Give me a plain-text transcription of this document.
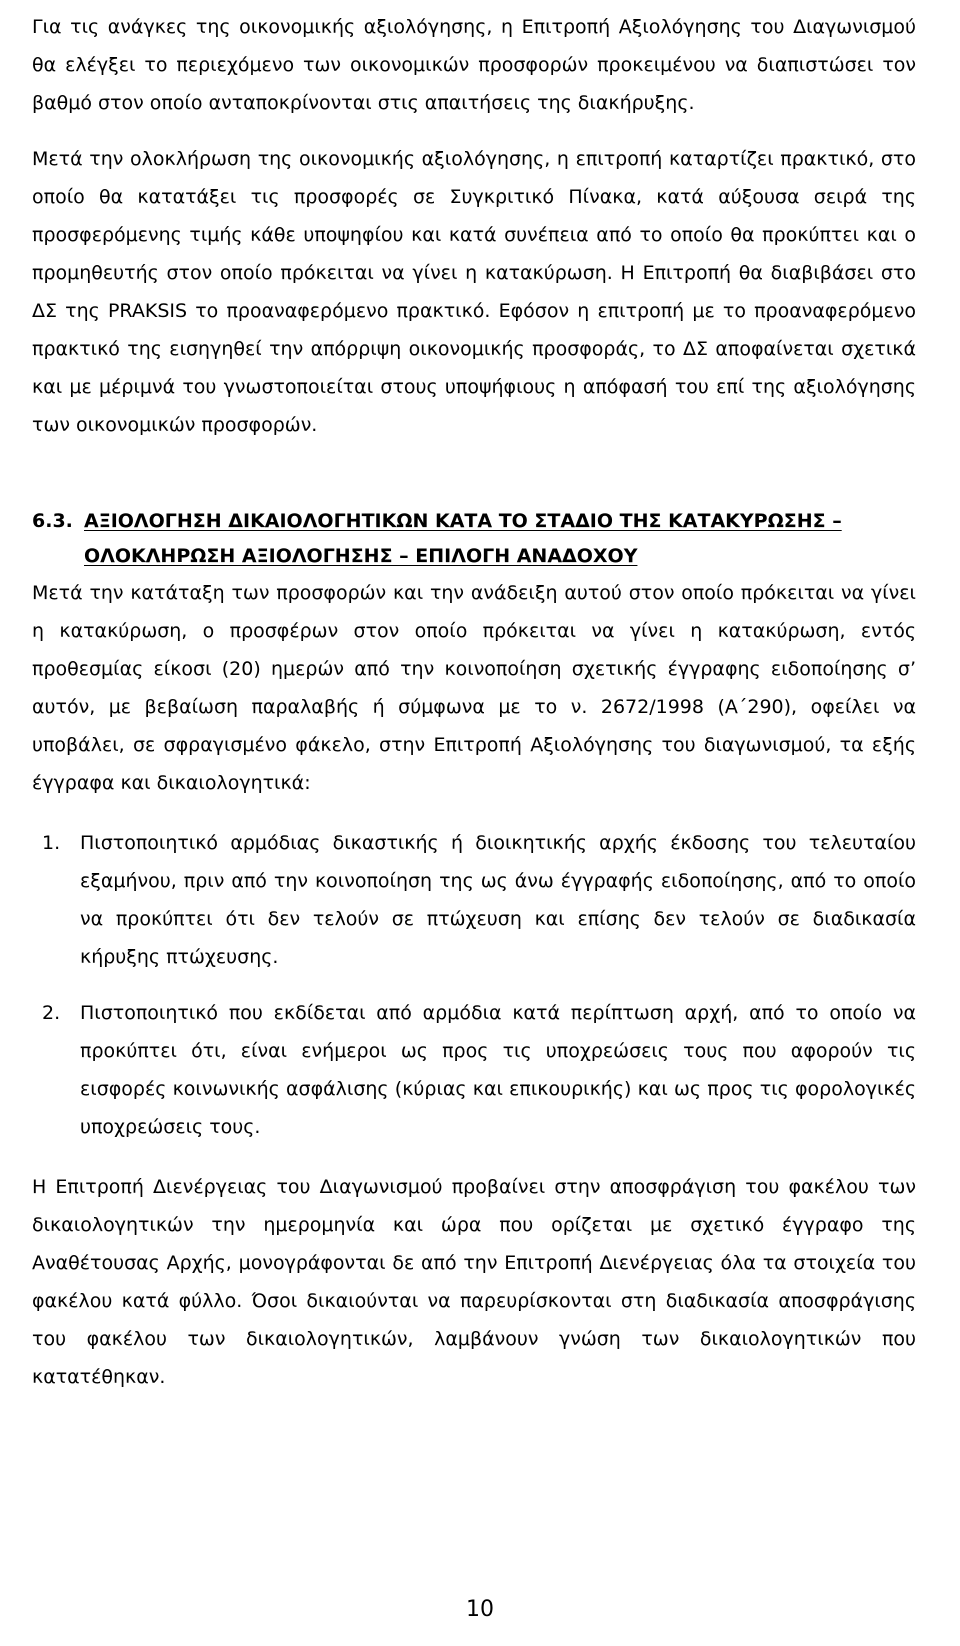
Για τις ανάγκες της οικονομικής αξιολόγησης, η Επιτροπή Αξιολόγησης του Διαγωνισμού θα ελέγξει το περιεχόμενο των οικονομικών προσφορών προκειμένου να διαπιστώσει τον βαθμό στον οποίο ανταποκρίνονται στις απαιτήσεις της διακήρυξης.

Μετά την ολοκλήρωση της οικονομικής αξιολόγησης, η επιτροπή καταρτίζει πρακτικό, στο οποίο θα κατατάξει τις προσφορές σε Συγκριτικό Πίνακα, κατά αύξουσα σειρά της προσφερόμενης τιμής κάθε υποψηφίου και κατά συνέπεια από το οποίο θα προκύπτει και ο προμηθευτής στον οποίο πρόκειται να γίνει η κατακύρωση. Η Επιτροπή θα διαβιβάσει στο ΔΣ της PRAKSIS το προαναφερόμενο πρακτικό. Εφόσον η επιτροπή με το προαναφερόμενο πρακτικό της εισηγηθεί την απόρριψη οικονομικής προσφοράς, το ΔΣ αποφαίνεται σχετικά και με μέριμνά του γνωστοποιείται στους υποψήφιους η απόφασή του επί της αξιολόγησης των οικονομικών προσφορών.

6.3. ΑΞΙΟΛΟΓΗΣΗ ΔΙΚΑΙΟΛΟΓΗΤΙΚΩΝ ΚΑΤΑ ΤΟ ΣΤΑΔΙΟ ΤΗΣ ΚΑΤΑΚΥΡΩΣΗΣ – ΟΛΟΚΛΗΡΩΣΗ ΑΞΙΟΛΟΓΗΣΗΣ – ΕΠΙΛΟΓΗ ΑΝΑΔΟΧΟΥ

Μετά την κατάταξη των προσφορών και την ανάδειξη αυτού στον οποίο πρόκειται να γίνει η κατακύρωση, ο προσφέρων στον οποίο πρόκειται να γίνει η κατακύρωση, εντός προθεσμίας είκοσι (20) ημερών από την κοινοποίηση σχετικής έγγραφης ειδοποίησης σ’ αυτόν, με βεβαίωση παραλαβής ή σύμφωνα με το ν. 2672/1998 (Α΄290), οφείλει να υποβάλει, σε σφραγισμένο φάκελο, στην Επιτροπή Αξιολόγησης του διαγωνισμού, τα εξής έγγραφα και δικαιολογητικά:

1.	Πιστοποιητικό αρμόδιας δικαστικής ή διοικητικής αρχής έκδοσης του τελευταίου εξαμήνου, πριν από την κοινοποίηση της ως άνω έγγραφής ειδοποίησης, από το οποίο να προκύπτει ότι δεν τελούν σε πτώχευση και επίσης δεν τελούν σε διαδικασία κήρυξης πτώχευσης.
2.	Πιστοποιητικό που εκδίδεται από αρμόδια κατά περίπτωση αρχή, από το οποίο να προκύπτει ότι, είναι ενήμεροι ως προς τις υποχρεώσεις τους που αφορούν τις εισφορές κοινωνικής ασφάλισης (κύριας και επικουρικής) και ως προς τις φορολογικές υποχρεώσεις τους.

Η Επιτροπή Διενέργειας του Διαγωνισμού προβαίνει στην αποσφράγιση του φακέλου των δικαιολογητικών την ημερομηνία και ώρα που ορίζεται με σχετικό έγγραφο της Αναθέτουσας Αρχής, μονογράφονται δε από την Επιτροπή Διενέργειας όλα τα στοιχεία του φακέλου κατά φύλλο. Όσοι δικαιούνται να παρευρίσκονται στη διαδικασία αποσφράγισης του φακέλου των δικαιολογητικών, λαμβάνουν γνώση των δικαιολογητικών που κατατέθηκαν.

10
